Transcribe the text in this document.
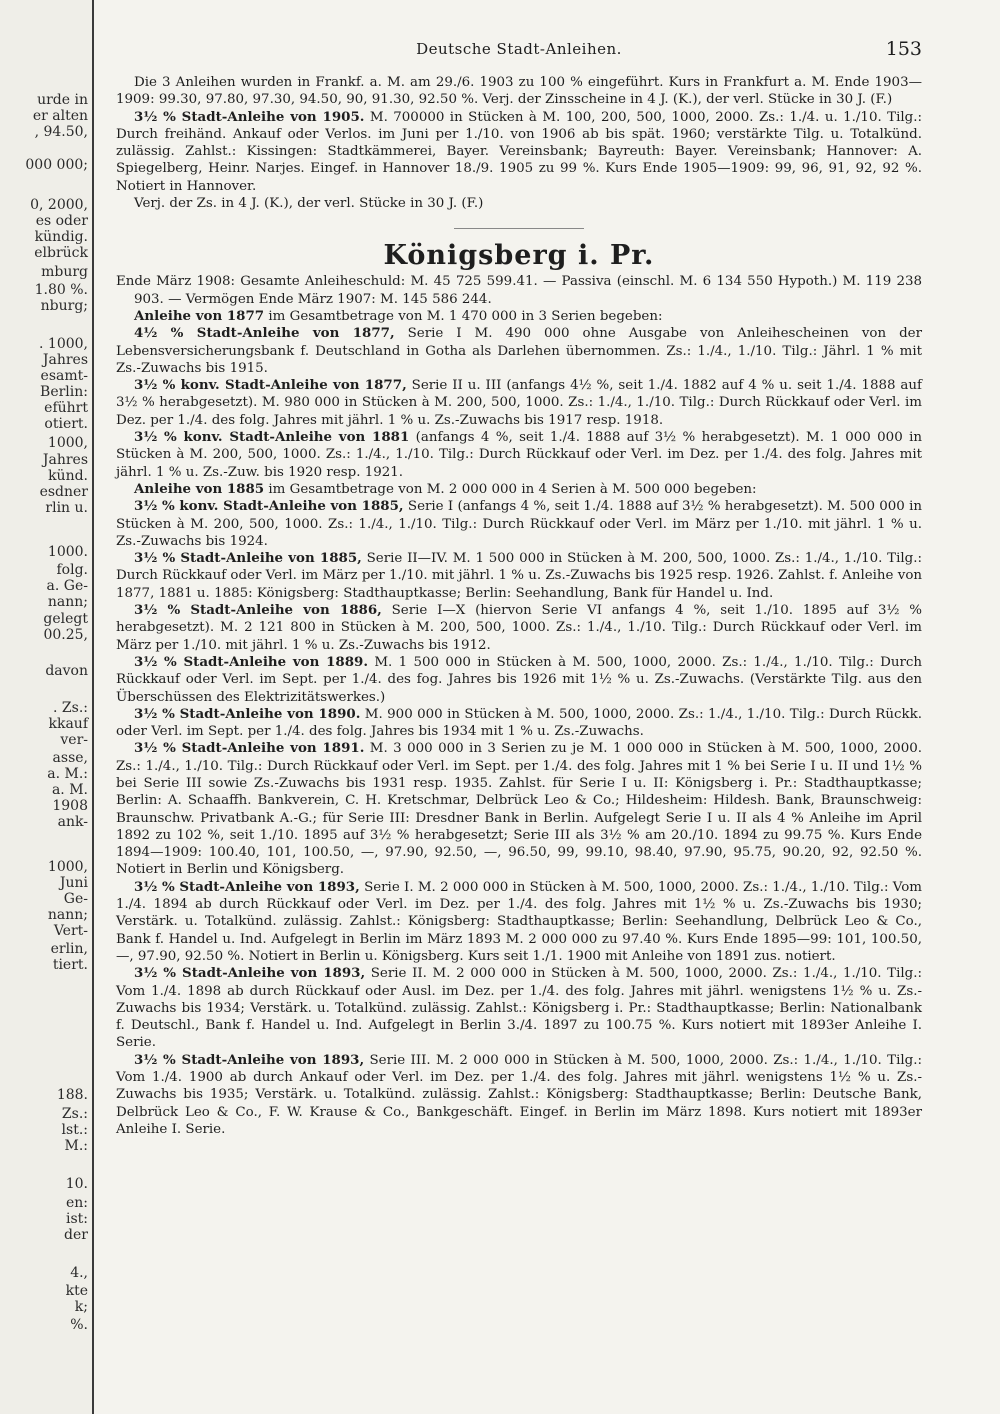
urde in
er alten
, 94.50,
000 000;
0, 2000,
es oder
kündig.
elbrück
mburg
1.80 %.
nburg;
. 1000,
Jahres
esamt-
Berlin:
eführt
otiert.
1000,
Jahres
künd.
esdner
rlin u.
1000.
folg.
a. Ge-
nann;
gelegt
00.25,
davon
. Zs.:
kkauf
ver-
asse,
a. M.:
a. M.
1908
ank-
1000,
Juni
Ge-
nann;
Vert-
erlin,
tiert.
188.
Zs.:
lst.:
M.:
10.
en:
ist:
der
4.,
kte
k;
%.
Deutsche Stadt-Anleihen.	153

Die 3 Anleihen wurden in Frankf. a. M. am 29./6. 1903 zu 100 % eingeführt. Kurs in Frankfurt a. M. Ende 1903—1909: 99.30, 97.80, 97.30, 94.50, 90, 91.30, 92.50 %. Verj. der Zinsscheine in 4 J. (K.), der verl. Stücke in 30 J. (F.)

3½ % Stadt-Anleihe von 1905. M. 700000 in Stücken à M. 100, 200, 500, 1000, 2000. Zs.: 1./4. u. 1./10. Tilg.: Durch freihänd. Ankauf oder Verlos. im Juni per 1./10. von 1906 ab bis spät. 1960; verstärkte Tilg. u. Totalkünd. zulässig. Zahlst.: Kissingen: Stadtkämmerei, Bayer. Vereinsbank; Bayreuth: Bayer. Vereinsbank; Hannover: A. Spiegelberg, Heinr. Narjes. Eingef. in Hannover 18./9. 1905 zu 99 %. Kurs Ende 1905—1909: 99, 96, 91, 92, 92 %. Notiert in Hannover.

Verj. der Zs. in 4 J. (K.), der verl. Stücke in 30 J. (F.)

Königsberg i. Pr.

Ende März 1908: Gesamte Anleiheschuld: M. 45 725 599.41. — Passiva (einschl. M. 6 134 550 Hypoth.) M. 119 238 903. — Vermögen Ende März 1907: M. 145 586 244.

Anleihe von 1877 im Gesamtbetrage von M. 1 470 000 in 3 Serien begeben:

4½ % Stadt-Anleihe von 1877, Serie I M. 490 000 ohne Ausgabe von Anleihescheinen von der Lebensversicherungsbank f. Deutschland in Gotha als Darlehen übernommen. Zs.: 1./4., 1./10. Tilg.: Jährl. 1 % mit Zs.-Zuwachs bis 1915.

3½ % konv. Stadt-Anleihe von 1877, Serie II u. III (anfangs 4½ %, seit 1./4. 1882 auf 4 % u. seit 1./4. 1888 auf 3½ % herabgesetzt). M. 980 000 in Stücken à M. 200, 500, 1000. Zs.: 1./4., 1./10. Tilg.: Durch Rückkauf oder Verl. im Dez. per 1./4. des folg. Jahres mit jährl. 1 % u. Zs.-Zuwachs bis 1917 resp. 1918.

3½ % konv. Stadt-Anleihe von 1881 (anfangs 4 %, seit 1./4. 1888 auf 3½ % herabgesetzt). M. 1 000 000 in Stücken à M. 200, 500, 1000. Zs.: 1./4., 1./10. Tilg.: Durch Rückkauf oder Verl. im Dez. per 1./4. des folg. Jahres mit jährl. 1 % u. Zs.-Zuw. bis 1920 resp. 1921.

Anleihe von 1885 im Gesamtbetrage von M. 2 000 000 in 4 Serien à M. 500 000 begeben:

3½ % konv. Stadt-Anleihe von 1885, Serie I (anfangs 4 %, seit 1./4. 1888 auf 3½ % herabgesetzt). M. 500 000 in Stücken à M. 200, 500, 1000. Zs.: 1./4., 1./10. Tilg.: Durch Rückkauf oder Verl. im März per 1./10. mit jährl. 1 % u. Zs.-Zuwachs bis 1924.

3½ % Stadt-Anleihe von 1885, Serie II—IV. M. 1 500 000 in Stücken à M. 200, 500, 1000. Zs.: 1./4., 1./10. Tilg.: Durch Rückkauf oder Verl. im März per 1./10. mit jährl. 1 % u. Zs.-Zuwachs bis 1925 resp. 1926. Zahlst. f. Anleihe von 1877, 1881 u. 1885: Königsberg: Stadthauptkasse; Berlin: Seehandlung, Bank für Handel u. Ind.

3½ % Stadt-Anleihe von 1886, Serie I—X (hiervon Serie VI anfangs 4 %, seit 1./10. 1895 auf 3½ % herabgesetzt). M. 2 121 800 in Stücken à M. 200, 500, 1000. Zs.: 1./4., 1./10. Tilg.: Durch Rückkauf oder Verl. im März per 1./10. mit jährl. 1 % u. Zs.-Zuwachs bis 1912.

3½ % Stadt-Anleihe von 1889. M. 1 500 000 in Stücken à M. 500, 1000, 2000. Zs.: 1./4., 1./10. Tilg.: Durch Rückkauf oder Verl. im Sept. per 1./4. des fog. Jahres bis 1926 mit 1½ % u. Zs.-Zuwachs. (Verstärkte Tilg. aus den Überschüssen des Elektrizitätswerkes.)

3½ % Stadt-Anleihe von 1890. M. 900 000 in Stücken à M. 500, 1000, 2000. Zs.: 1./4., 1./10. Tilg.: Durch Rückk. oder Verl. im Sept. per 1./4. des folg. Jahres bis 1934 mit 1 % u. Zs.-Zuwachs.

3½ % Stadt-Anleihe von 1891. M. 3 000 000 in 3 Serien zu je M. 1 000 000 in Stücken à M. 500, 1000, 2000. Zs.: 1./4., 1./10. Tilg.: Durch Rückkauf oder Verl. im Sept. per 1./4. des folg. Jahres mit 1 % bei Serie I u. II und 1½ % bei Serie III sowie Zs.-Zuwachs bis 1931 resp. 1935. Zahlst. für Serie I u. II: Königsberg i. Pr.: Stadthauptkasse; Berlin: A. Schaaffh. Bankverein, C. H. Kretschmar, Delbrück Leo & Co.; Hildesheim: Hildesh. Bank, Braunschweig: Braunschw. Privatbank A.-G.; für Serie III: Dresdner Bank in Berlin. Aufgelegt Serie I u. II als 4 % Anleihe im April 1892 zu 102 %, seit 1./10. 1895 auf 3½ % herabgesetzt; Serie III als 3½ % am 20./10. 1894 zu 99.75 %. Kurs Ende 1894—1909: 100.40, 101, 100.50, —, 97.90, 92.50, —, 96.50, 99, 99.10, 98.40, 97.90, 95.75, 90.20, 92, 92.50 %. Notiert in Berlin und Königsberg.

3½ % Stadt-Anleihe von 1893, Serie I. M. 2 000 000 in Stücken à M. 500, 1000, 2000. Zs.: 1./4., 1./10. Tilg.: Vom 1./4. 1894 ab durch Rückkauf oder Verl. im Dez. per 1./4. des folg. Jahres mit 1½ % u. Zs.-Zuwachs bis 1930; Verstärk. u. Totalkünd. zulässig. Zahlst.: Königsberg: Stadthauptkasse; Berlin: Seehandlung, Delbrück Leo & Co., Bank f. Handel u. Ind. Aufgelegt in Berlin im März 1893 M. 2 000 000 zu 97.40 %. Kurs Ende 1895—99: 101, 100.50, —, 97.90, 92.50 %. Notiert in Berlin u. Königsberg. Kurs seit 1./1. 1900 mit Anleihe von 1891 zus. notiert.

3½ % Stadt-Anleihe von 1893, Serie II. M. 2 000 000 in Stücken à M. 500, 1000, 2000. Zs.: 1./4., 1./10. Tilg.: Vom 1./4. 1898 ab durch Rückkauf oder Ausl. im Dez. per 1./4. des folg. Jahres mit jährl. wenigstens 1½ % u. Zs.-Zuwachs bis 1934; Verstärk. u. Totalkünd. zulässig. Zahlst.: Königsberg i. Pr.: Stadthauptkasse; Berlin: Nationalbank f. Deutschl., Bank f. Handel u. Ind. Aufgelegt in Berlin 3./4. 1897 zu 100.75 %. Kurs notiert mit 1893er Anleihe I. Serie.

3½ % Stadt-Anleihe von 1893, Serie III. M. 2 000 000 in Stücken à M. 500, 1000, 2000. Zs.: 1./4., 1./10. Tilg.: Vom 1./4. 1900 ab durch Ankauf oder Verl. im Dez. per 1./4. des folg. Jahres mit jährl. wenigstens 1½ % u. Zs.-Zuwachs bis 1935; Verstärk. u. Totalkünd. zulässig. Zahlst.: Königsberg: Stadthauptkasse; Berlin: Deutsche Bank, Delbrück Leo & Co., F. W. Krause & Co., Bankgeschäft. Eingef. in Berlin im März 1898. Kurs notiert mit 1893er Anleihe I. Serie.
